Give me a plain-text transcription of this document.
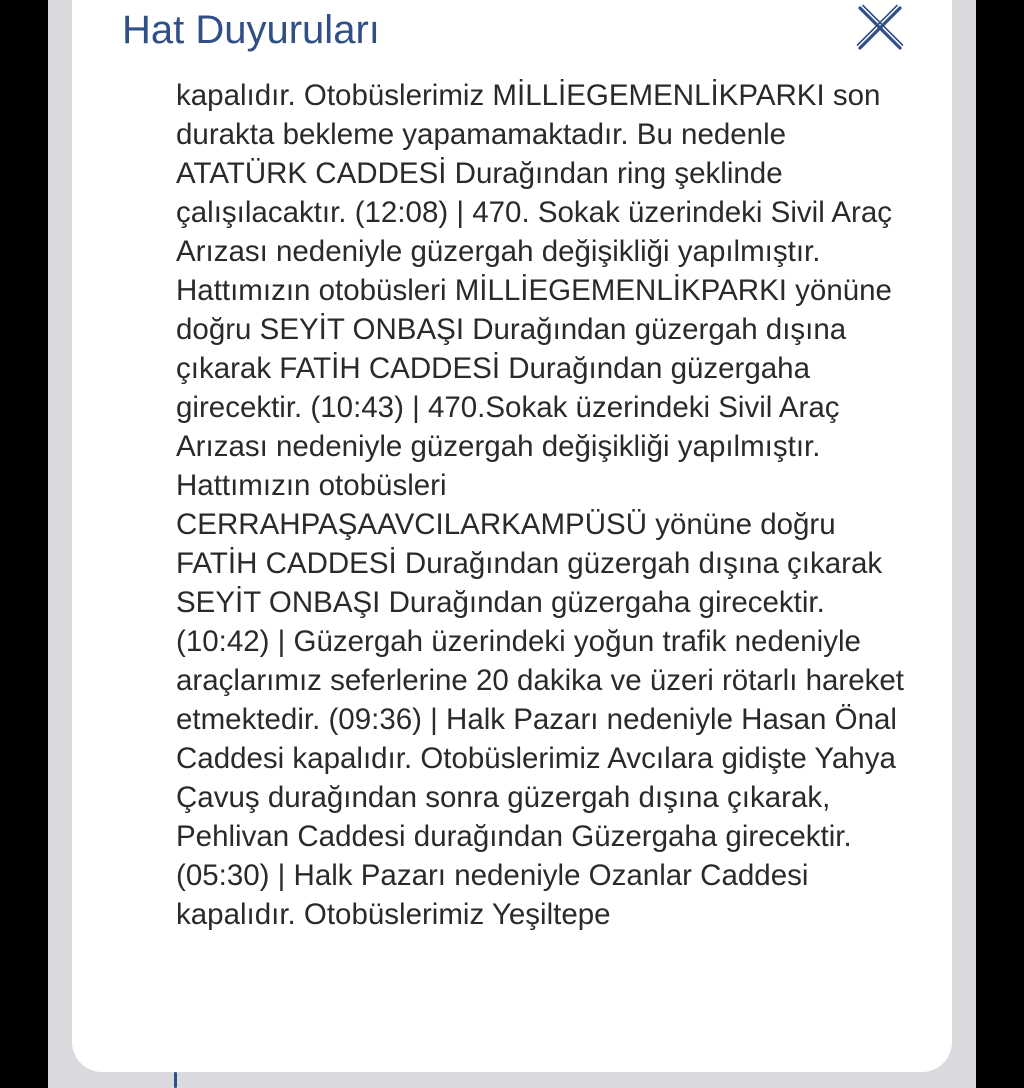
Hat Duyuruları

kapalıdır. Otobüslerimiz MİLLİEGEMENLİKPARKI son durakta bekleme yapamamaktadır. Bu nedenle ATATÜRK CADDESİ Durağından ring şeklinde çalışılacaktır. (12:08) | 470. Sokak üzerindeki Sivil Araç Arızası nedeniyle güzergah değişikliği yapılmıştır. Hattımızın otobüsleri MİLLİEGEMENLİKPARKI yönüne doğru SEYİT ONBAŞI Durağından güzergah dışına çıkarak FATİH CADDESİ Durağından güzergaha girecektir. (10:43) | 470.Sokak üzerindeki Sivil Araç Arızası nedeniyle güzergah değişikliği yapılmıştır. Hattımızın otobüsleri CERRAHPAŞAAVCILARKAMPÜSÜ yönüne doğru FATİH CADDESİ Durağından güzergah dışına çıkarak SEYİT ONBAŞI Durağından güzergaha girecektir. (10:42) | Güzergah üzerindeki yoğun trafik nedeniyle araçlarımız seferlerine 20 dakika ve üzeri rötarlı hareket etmektedir. (09:36) | Halk Pazarı nedeniyle Hasan Önal Caddesi kapalıdır. Otobüslerimiz Avcılara gidişte Yahya Çavuş durağından sonra güzergah dışına çıkarak, Pehlivan Caddesi durağından Güzergaha girecektir. (05:30) | Halk Pazarı nedeniyle Ozanlar Caddesi kapalıdır. Otobüslerimiz Yeşiltepe
